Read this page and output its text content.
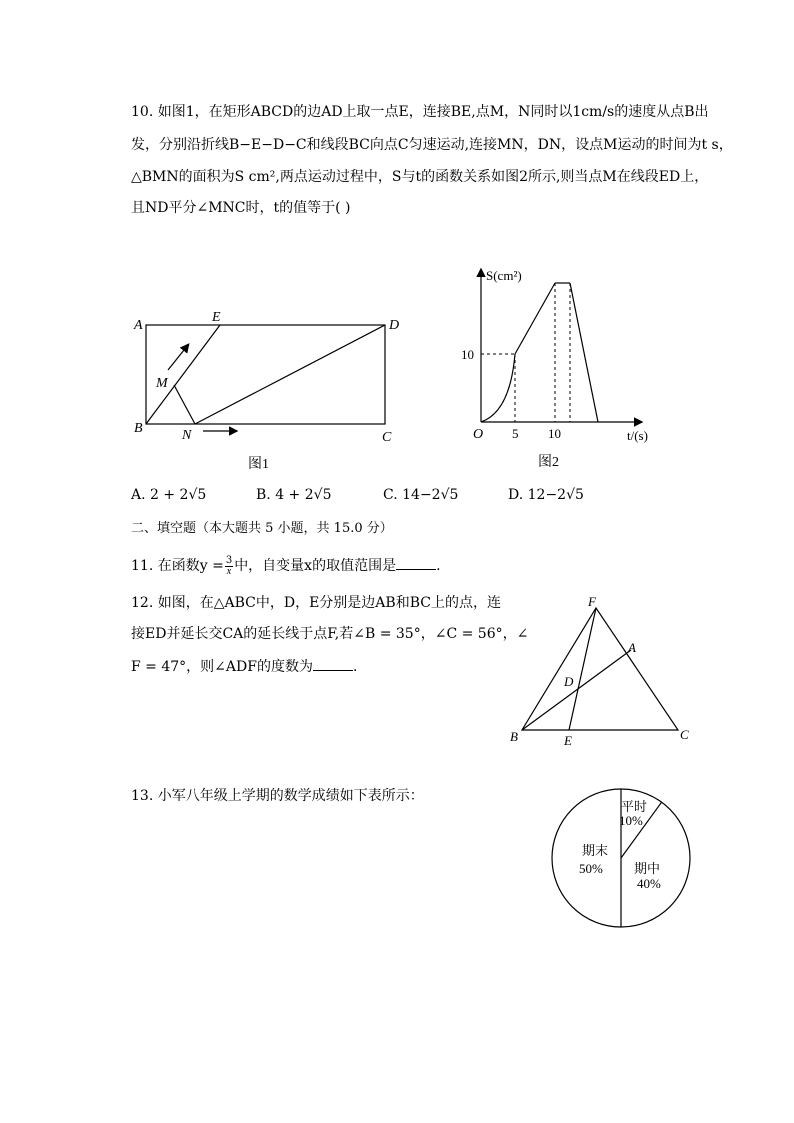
10. 如图1，在矩形ABCD的边AD上取一点E，连接BE,点M，N同时以1cm/s的速度从点B出
发，分别沿折线B−E−D−C和线段BC向点C匀速运动,连接MN，DN，设点M运动的时间为t s，
△BMN的面积为S cm²,两点运动过程中，S与t的函数关系如图2所示,则当点M在线段ED上，
且ND平分∠MNC时，t的值等于( )
A
B
C
D
E
M
N
图1
S(cm²)
10
O 5 10	t/(s)
图2
A. 2 + 2√5	B. 4 + 2√5	C. 14−2√5	D. 12−2√5
二、填空题（本大题共 5 小题，共 15.0 分）
11. 在函数$y = \frac{3}{x}$ 中，自变量x的取值范围是	.
12. 如图，在△ABC中，D，E分别是边AB和BC上的点，连
接ED并延长交CA的延长线于点F,若∠B = 35°，∠C = 56°，∠
F = 47°，则∠ADF的度数为	.
F
A
D
B	E	C
13. 小军八年级上学期的数学成绩如下表所示：
平时
10%
期中
40%
期末
50%
